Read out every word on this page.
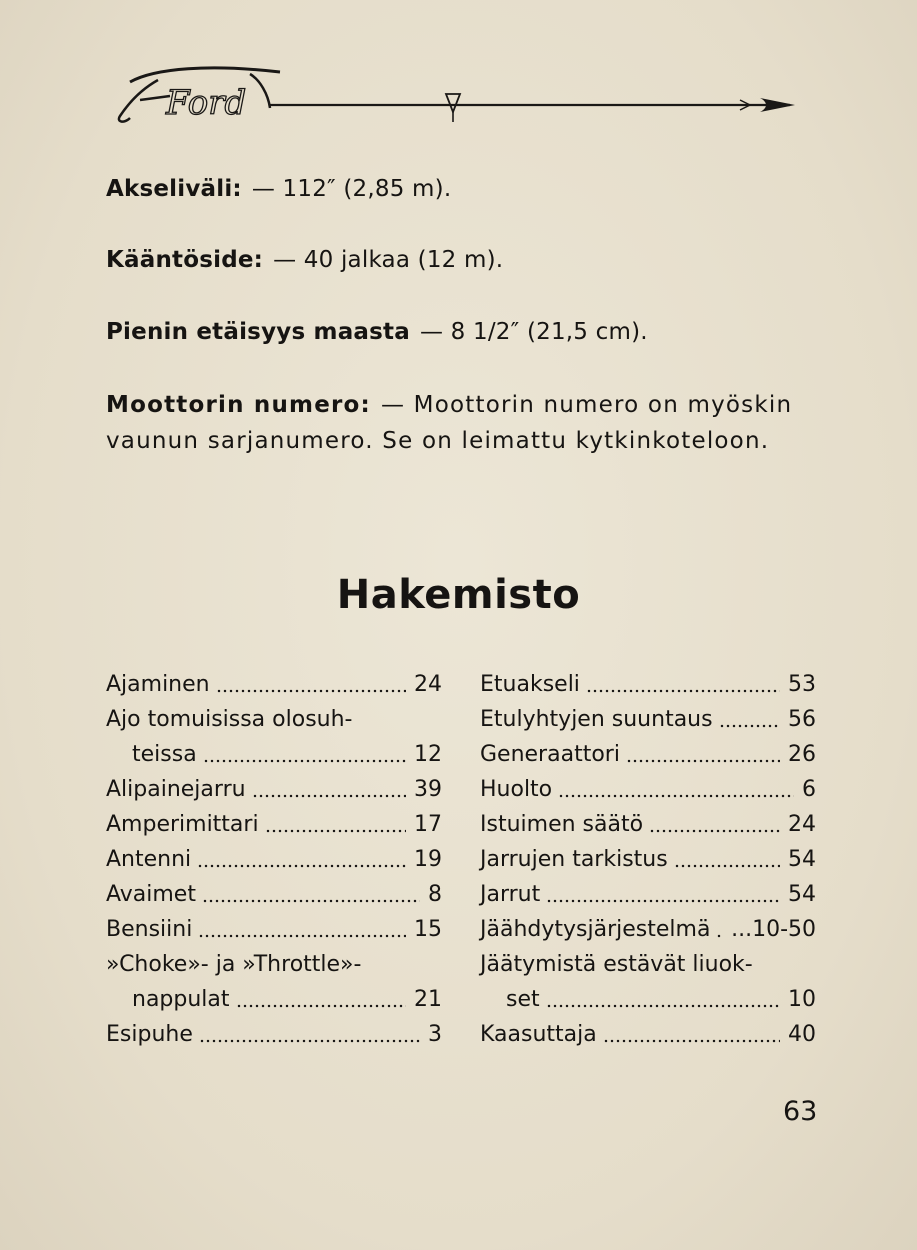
Ford
Akseliväli: — 112″ (2,85 m).
Kääntöside: — 40 jalkaa (12 m).
Pienin etäisyys maasta — 8 1/2″ (21,5 cm).
Moottorin numero: — Moottorin numero on myöskin
vaunun sarjanumero. Se on leimattu kytkinkoteloon.
Hakemisto
Ajaminen	24
Ajo tomuisissa olosuh-
teissa	12
Alipainejarru	39
Amperimittari	17
Antenni	19
Avaimet	8
Bensiini	15
»Choke»- ja »Throttle»-
nappulat	21
Esipuhe	3
Etuakseli	53
Etulyhtyjen suuntaus	56
Generaattori	26
Huolto	6
Istuimen säätö	24
Jarrujen tarkistus	54
Jarrut	54
Jäähdytysjärjestelmä ...10-50
Jäätymistä estävät liuok-
set	10
Kaasuttaja	40
63
